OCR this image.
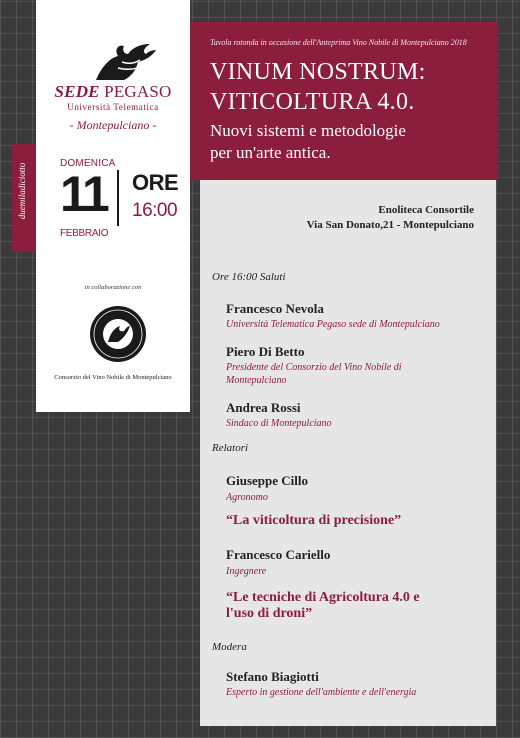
SEDE PEGASO
Università Telematica
- Montepulciano -
duemiladiciotto	DOMENICA
11
FEBBRAIO
ORE
16:00
in collaborazione con
Consorzio del Vino Nobile di Montepulciano
Tavola rotonda in occasione dell'Anteprima Vino Nobile di Montepulciano 2018
VINUM NOSTRUM:
VITICOLTURA 4.0.
Nuovi sistemi e metodologie
per un'arte antica.
Enoliteca Consortile
Via San Donato,21 - Montepulciano
Ore 16:00 Saluti
Francesco Nevola
Università Telematica Pegaso sede di Montepulciano
Piero Di Betto
Presidente del Consorzio del Vino Nobile di
Montepulciano
Andrea Rossi
Sindaco di Montepulciano
Relatori
Giuseppe Cillo
Agronomo
“La viticoltura di precisione”
Francesco Cariello
Ingegnere
“Le tecniche di Agricoltura 4.0 e
l'uso di droni”
Modera
Stefano Biagiotti
Esperto in gestione dell'ambiente e dell'energia
